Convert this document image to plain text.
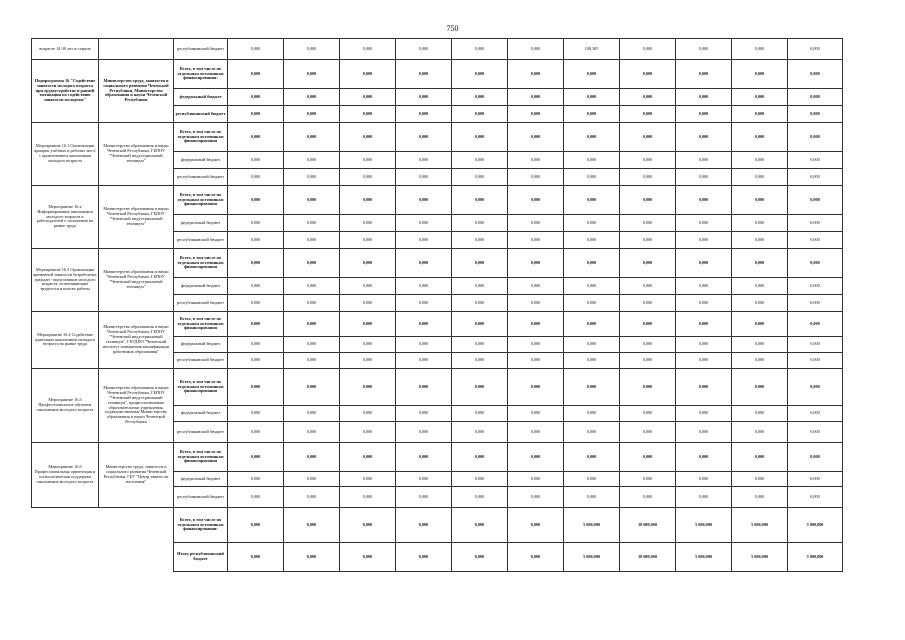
750
возрасте 14-30 лет и старше		республиканский бюджет	0,000	0,000	0,000	0,000	0,000	0,000	108,305	0,000	0,000	0,000	0,000
Подпрограмма 16 "Содействие занятости молодого возраста при трудоустройстве и ранней мотивации по содействию занятости молодежи"	Министерство труда, занятости и социального развития Чеченской Республики, Министерство образования и науки Чеченской Республики	Всего, в том числе по отдельным источникам финансирования:	0,000	0,000	0,000	0,000	0,000	0,000	0,000	0,000	0,000	0,000	0,000
		федеральный бюджет	0,000	0,000	0,000	0,000	0,000	0,000	0,000	0,000	0,000	0,000	0,000
		республиканский бюджет	0,000	0,000	0,000	0,000	0,000	0,000	0,000	0,000	0,000	0,000	0,000
Мероприятие 16.1 Организация ярмарок учебных и рабочих мест, с привлечением школьников молодого возраста	Министерство образования и науки Чеченской Республики, ГБПОУ "Чеченский индустриальный техникум"	Всего, в том числе по отдельным источникам финансирования	0,000	0,000	0,000	0,000	0,000	0,000	0,000	0,000	0,000	0,000	0,000
		федеральный бюджет	0,000	0,000	0,000	0,000	0,000	0,000	0,000	0,000	0,000	0,000	0,000
		республиканский бюджет	0,000	0,000	0,000	0,000	0,000	0,000	0,000	0,000	0,000	0,000	0,000
Мероприятие 16.2 Информирование школьников молодого возраста и работодателей о положении на рынке труда	Министерство образования и науки Чеченской Республики, ГБПОУ "Чеченский индустриальный техникум"	Всего, в том числе по отдельным источникам финансирования	0,000	0,000	0,000	0,000	0,000	0,000	0,000	0,000	0,000	0,000	0,000
		федеральный бюджет	0,000	0,000	0,000	0,000	0,000	0,000	0,000	0,000	0,000	0,000	0,000
		республиканский бюджет	0,000	0,000	0,000	0,000	0,000	0,000	0,000	0,000	0,000	0,000	0,000
Мероприятие 16.3 Организация временной занятости безработных граждан - выпускников молодого возраста, испытывающих трудности в поиске работы	Министерство образования и науки Чеченской Республики, ГБПОУ "Чеченский индустриальный техникум"	Всего, в том числе по отдельным источникам финансирования	0,000	0,000	0,000	0,000	0,000	0,000	0,000	0,000	0,000	0,000	0,000
		федеральный бюджет	0,000	0,000	0,000	0,000	0,000	0,000	0,000	0,000	0,000	0,000	0,000
		республиканский бюджет	0,000	0,000	0,000	0,000	0,000	0,000	0,000	0,000	0,000	0,000	0,000
Мероприятие 16.4 Содействие адаптации школьников молодого возраста на рынке труда	Министерство образования и науки Чеченской Республики, ГБПОУ "Чеченский индустриальный техникум", ГБУДПО "Чеченский институт повышения квалификации работников образования"	Всего, в том числе по отдельным источникам финансирования	0,000	0,000	0,000	0,000	0,000	0,000	0,000	0,000	0,000	0,000	0,000
		федеральный бюджет	0,000	0,000	0,000	0,000	0,000	0,000	0,000	0,000	0,000	0,000	0,000
		республиканский бюджет	0,000	0,000	0,000	0,000	0,000	0,000	0,000	0,000	0,000	0,000	0,000
Мероприятие 16.5 Профессиональное обучение школьников молодого возраста	Министерство образования и науки Чеченской Республики, ГБПОУ "Чеченский индустриальный техникум", профессиональные образовательные учреждения, подведомственные Министерству образования и науки Чеченской Республики	Всего, в том числе по отдельным источникам финансирования	0,000	0,000	0,000	0,000	0,000	0,000	0,000	0,000	0,000	0,000	0,000
		федеральный бюджет	0,000	0,000	0,000	0,000	0,000	0,000	0,000	0,000	0,000	0,000	0,000
		республиканский бюджет	0,000	0,000	0,000	0,000	0,000	0,000	0,000	0,000	0,000	0,000	0,000
Мероприятие 16.6 Профессиональная ориентация и психологическая поддержка школьников молодого возраста	Министерство труда, занятости и социального развития Чеченской Республики, ГБУ "Центр занятости населения"	Всего, в том числе по отдельным источникам финансирования	0,000	0,000	0,000	0,000	0,000	0,000	0,000	0,000	0,000	0,000	0,000
		федеральный бюджет	0,000	0,000	0,000	0,000	0,000	0,000	0,000	0,000	0,000	0,000	0,000
		республиканский бюджет	0,000	0,000	0,000	0,000	0,000	0,000	0,000	0,000	0,000	0,000	0,000
		Всего, в том числе по отдельным источникам финансирования:	0,000	0,000	0,000	0,000	0,000	0,000	5 000,000	10 000,000	5 000,000	5 000,000	5 000,000
		Итого республиканский бюджет	0,000	0,000	0,000	0,000	0,000	0,000	5 000,000	10 000,000	5 000,000	5 000,000	5 000,000
